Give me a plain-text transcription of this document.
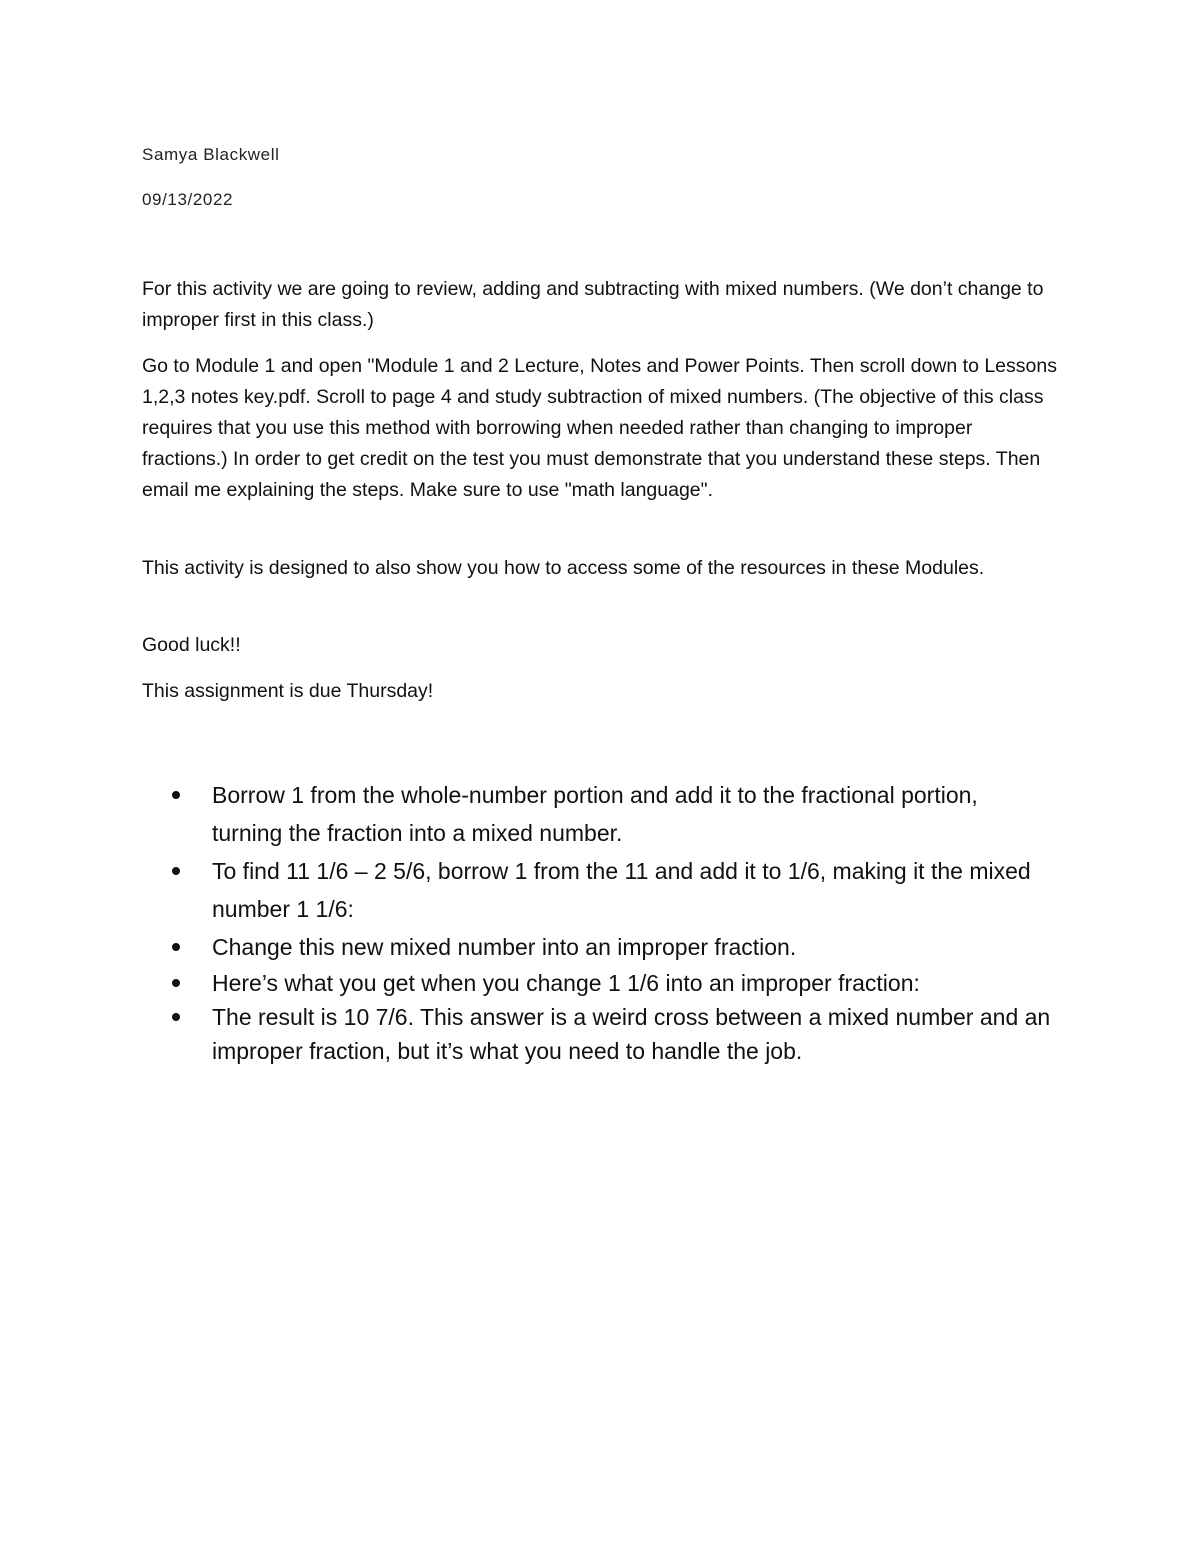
Samya Blackwell
09/13/2022

For this activity we are going to review, adding and subtracting with mixed numbers. (We don’t change to improper first in this class.)

Go to Module 1 and open "Module 1 and 2 Lecture, Notes and Power Points. Then scroll down to Lessons 1,2,3 notes key.pdf. Scroll to page 4 and study subtraction of mixed numbers. (The objective of this class requires that you use this method with borrowing when needed rather than changing to improper fractions.) In order to get credit on the test you must demonstrate that you understand these steps. Then email me explaining the steps. Make sure to use "math language".

This activity is designed to also show you how to access some of the resources in these Modules.

Good luck!!

This assignment is due Thursday!

Borrow 1 from the whole-number portion and add it to the fractional portion, turning the fraction into a mixed number.
To find 11 1/6 – 2 5/6, borrow 1 from the 11 and add it to 1/6, making it the mixed number 1 1/6:
Change this new mixed number into an improper fraction.
Here’s what you get when you change 1 1/6 into an improper fraction:
The result is 10 7/6. This answer is a weird cross between a mixed number and an improper fraction, but it’s what you need to handle the job.
